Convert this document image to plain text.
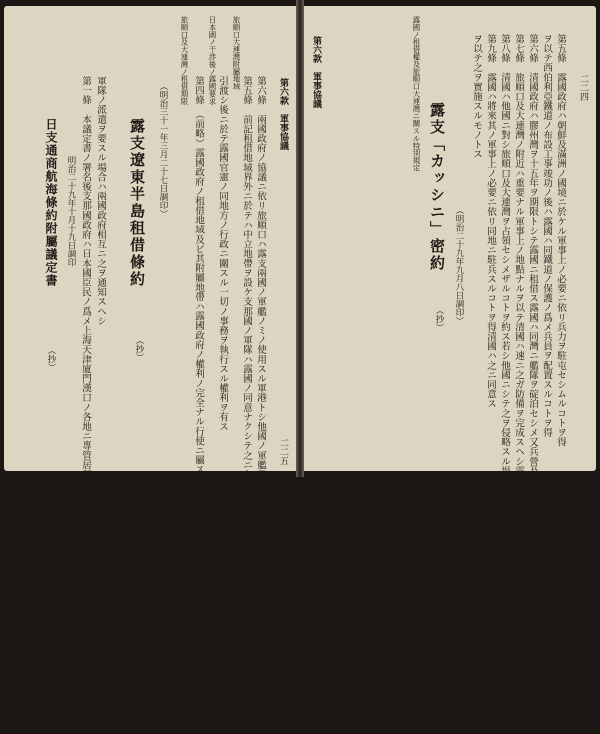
第六款　軍事協議
二二五
第六條　兩國政府ノ協議ニ依リ旅順口ハ露支兩國ノ軍艦ノミノ使用スル軍港トシ他國ノ軍艦及商船ニ對シテハ之ヲ開放セズ
第五條　前記租借地域界外ニ於テハ中立地帶ヲ設ケ支那國ノ軍隊ハ露國ノ同意ナクシテ之ニ入ルコトヲ得ズ
旅順口大連灣附屬地域
引渡シ後ニ於テ露國官憲ノ同地方ノ行政ニ關スル一切ノ事務ヲ執行スル權利ヲ有ス
日本國ノ干渉後ノ露國要求
第四條　（前略）露國政府ノ租借地域及ビ其附屬地帶ハ露國政府ノ權利ノ完全ナル行使ニ屬スルモノトシ支那國政府ハ何等ノ干渉ヲ爲サザルコト（中略）
旅順口及大連灣ノ租借期限
（明治三十一年三月二十七日調印）
露支遼東半島租借條約
（抄）
軍隊ノ派遣ヲ要スル場合ハ兩國政府相互ニ之ヲ通知スヘシ
第一條　本議定書ノ署名後支那國政府ハ日本國臣民ノ爲メ上海天津廈門漢口ノ各地ニ專管居留地ヲ設定スルコトヲ承諾ス
明治二十九年十月十九日調印
日支通商航海條約附屬議定書
（抄）
二二四
第六款　軍事協議	第五條　露國政府ハ朝鮮及滿洲ノ國境ニ於ケル軍事上ノ必要ニ依リ兵力ヲ駐屯セシムルコトヲ得
ヲ以テ西伯利亞鐵道ノ布設工事竣功ノ後ハ露國ハ同鐵道ノ保護ノ爲メ兵員ヲ配置スルコトヲ得
第六條　清國政府ハ膠州灣ヲ十五年ヲ期限トシテ露國ニ租借ス露國ハ同灣ニ艦隊ヲ碇泊セシメ又兵營及砲臺ヲ建設スルコトヲ得
第七條　旅順口及大連灣ノ附近ハ重要ナル軍事上ノ地點ナルヲ以テ清國ハ速ニ之ガ防備ヲ完成スヘシ露國ハ其ノ必要ニ應ジテ援助ヲ與フ
第八條　清國ハ他國ニ對シ旅順口及大連灣ヲ占領セシメザルコトヲ約ス若シ他國ニシテ之ヲ侵略スル場合ニハ露國ハ兵力ヲ以テ之ヲ防衞スヘシ
第九條　露國ハ將來其ノ軍事上ノ必要ニ依リ同地ニ駐兵スルコトヲ得清國ハ之ニ同意ス
ヲ以テ之ヲ實施スルモノトス
（明治二十九年九月八日調印）
露支「カッシニ」密約
（抄）
露國ノ租借權及旅順口大連灣ニ關スル特別規定
